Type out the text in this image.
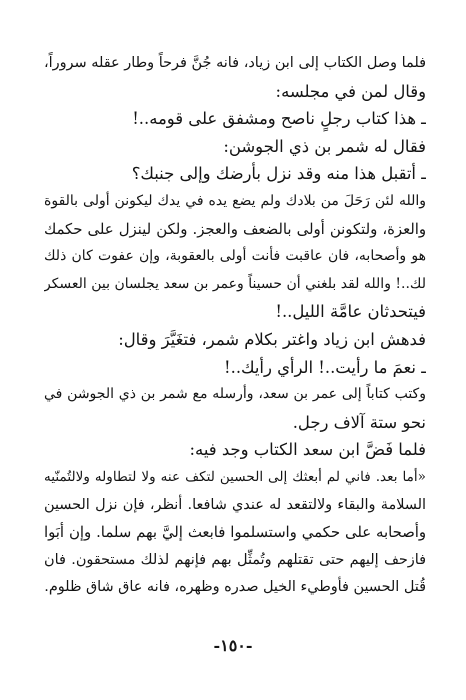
فلما وصل الكتاب إلى ابن زياد، فانه جُنَّ فرحاً وطار عقله سروراً،
وقال لمن في مجلسه:
ـ هذا كتاب رجلٍ ناصح ومشفق على قومه..!
فقال له شمر بن ذي الجوشن:
ـ أتقبل هذا منه وقد نزل بأرضك وإلى جنبك؟
والله لئن رَحَلَ من بلادك ولم يضع يده في يدك ليكونن أولى بالقوة
والعزة، ولتكونن أولى بالضعف والعجز. ولكن لينزل على حكمك
هو وأصحابه، فان عاقبت فأنت أولى بالعقوبة، وإن عفوت كان ذلك
لك..! والله لقد بلغني أن حسيناً وعمر بن سعد يجلسان بين العسكر
فيتحدثان عامَّة الليل..!
فدهش ابن زياد واغتر بكلام شمر، فتغَيَّرَ وقال:
ـ نعمَ ما رأيت..! الرأي رأيك..!
وكتب كتاباً إلى عمر بن سعد، وأرسله مع شمر بن ذي الجوشن في
نحو ستة آلاف رجل.
فلما فَضَّ ابن سعد الكتاب وجد فيه:
«أما بعد. فاني لم أبعثك إلى الحسين لتكف عنه ولا لتطاوله ولالتُمنّيه
السلامة والبقاء ولالتقعد له عندي شافعا. أنظر، فإن نزل الحسين
وأصحابه على حكمي واستسلموا فابعث إليَّ بهم سلما. وإن أبَوا
فازحف إليهم حتى تقتلهم وتُمثِّل بهم فإنهم لذلك مستحقون. فان
قُتل الحسين فأوطيء الخيل صدره وظهره، فانه عاق شاق ظلوم.
-١٥٠-
